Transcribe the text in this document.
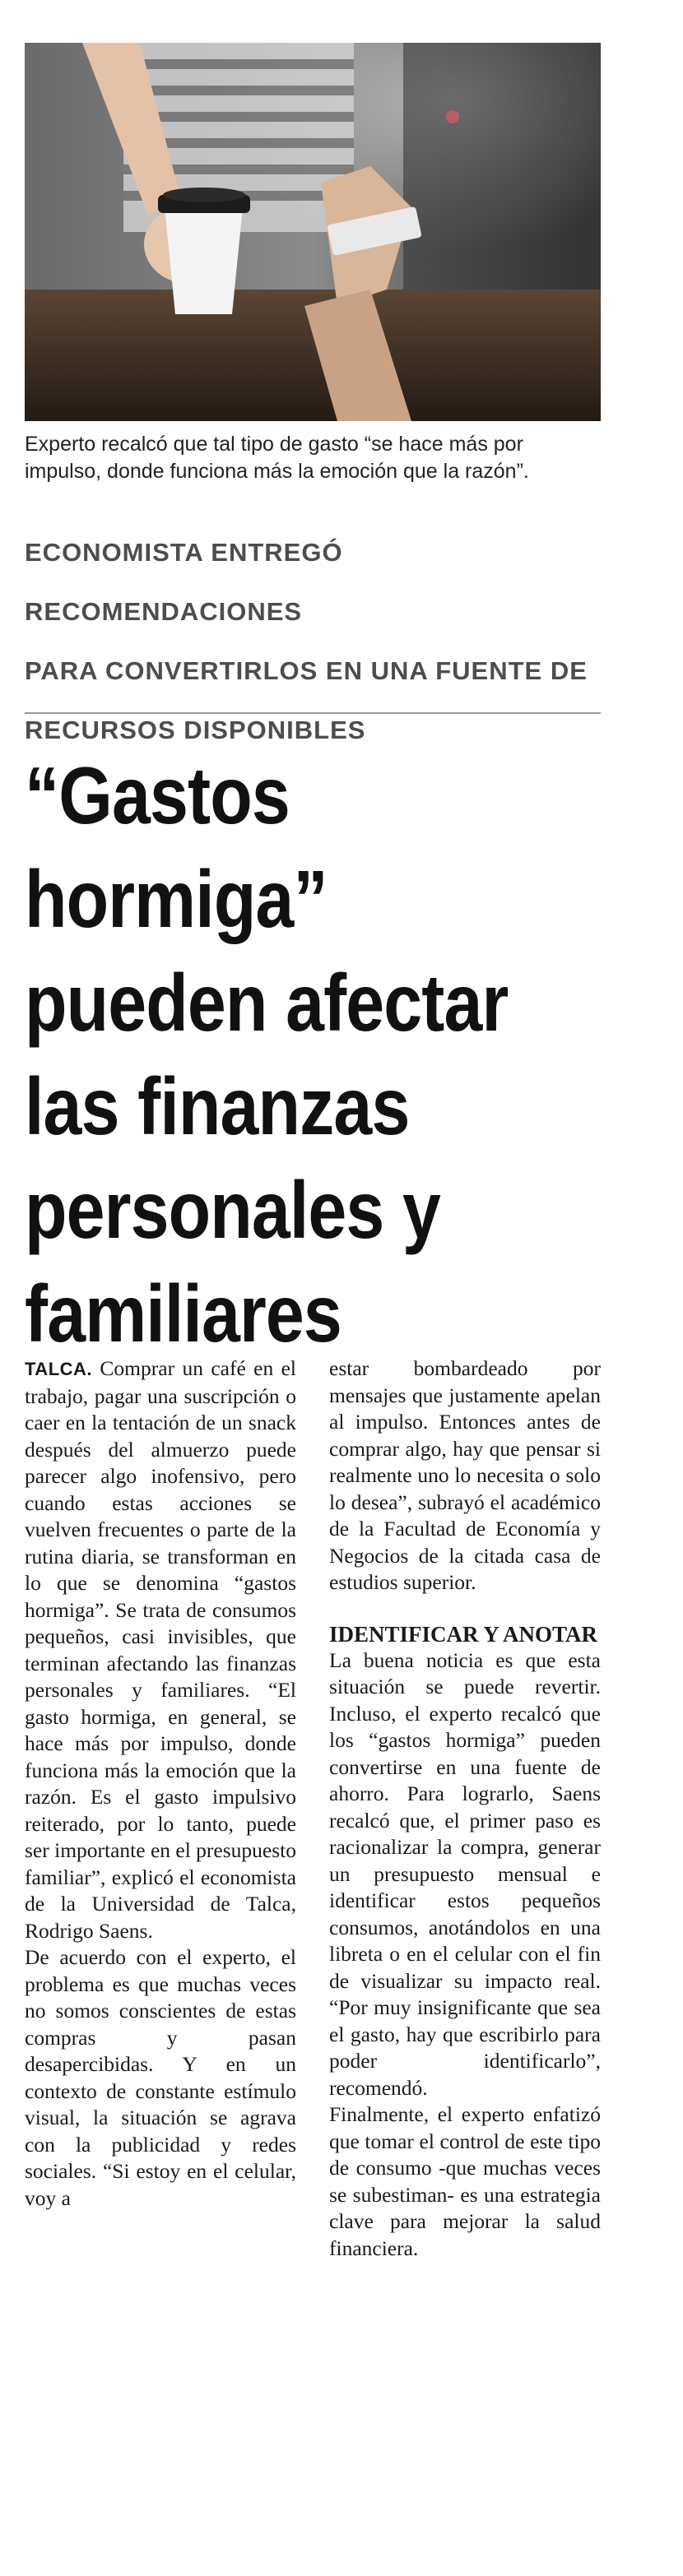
Experto recalcó que tal tipo de gasto “se hace más por impulso, donde funciona más la emoción que la razón”.
ECONOMISTA ENTREGÓ RECOMENDACIONES
PARA CONVERTIRLOS EN UNA FUENTE DE
RECURSOS DISPONIBLES
“Gastos
hormiga”
pueden afectar
las finanzas
personales y
familiares

TALCA. Comprar un café en el trabajo, pagar una suscripción o caer en la tentación de un snack después del almuerzo puede parecer algo inofensivo, pero cuando estas acciones se vuelven frecuentes o parte de la rutina diaria, se transforman en lo que se denomina “gastos hormiga”. Se trata de consumos pequeños, casi invisibles, que terminan afectando las finanzas personales y familiares. “El gasto hormiga, en general, se hace más por impulso, donde funciona más la emoción que la razón. Es el gasto impulsivo reiterado, por lo tanto, puede ser importante en el presupuesto familiar”, explicó el economista de la Universidad de Talca, Rodrigo Saens.

De acuerdo con el experto, el problema es que muchas veces no somos conscientes de estas compras y pasan desapercibidas. Y en un contexto de constante estímulo visual, la situación se agrava con la publicidad y redes sociales. “Si estoy en el celular, voy a

estar bombardeado por mensajes que justamente apelan al impulso. Entonces antes de comprar algo, hay que pensar si realmente uno lo necesita o solo lo desea”, subrayó el académico de la Facultad de Economía y Negocios de la citada casa de estudios superior.

IDENTIFICAR Y ANOTAR

La buena noticia es que esta situación se puede revertir. Incluso, el experto recalcó que los “gastos hormiga” pueden convertirse en una fuente de ahorro. Para lograrlo, Saens recalcó que, el primer paso es racionalizar la compra, generar un presupuesto mensual e identificar estos pequeños consumos, anotándolos en una libreta o en el celular con el fin de visualizar su impacto real. “Por muy insignificante que sea el gasto, hay que escribirlo para poder identificarlo”, recomendó.

Finalmente, el experto enfatizó que tomar el control de este tipo de consumo -que muchas veces se subestiman- es una estrategia clave para mejorar la salud financiera.
